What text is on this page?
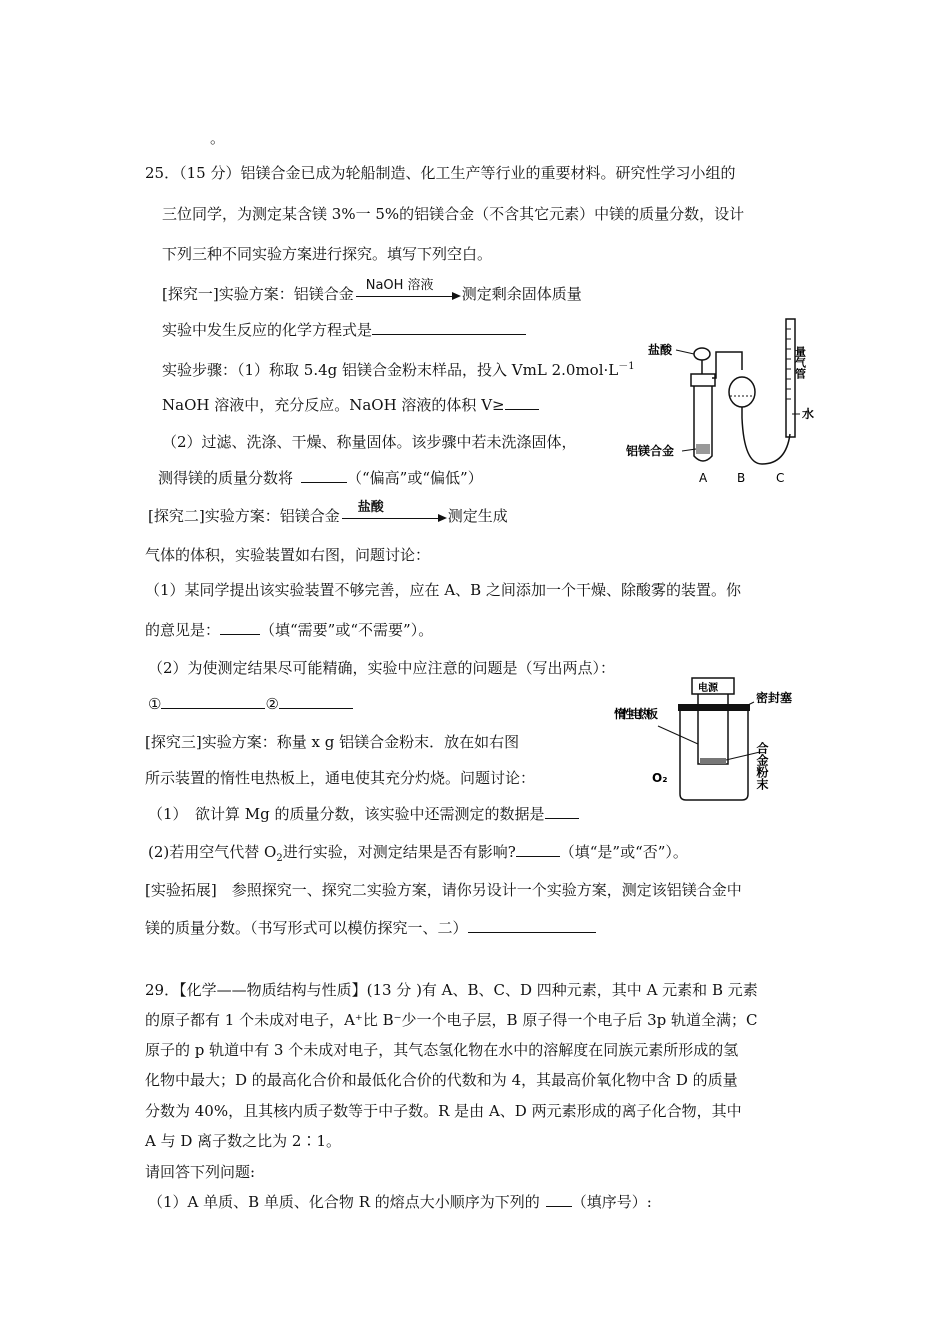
。
25．（15 分）铝镁合金已成为轮船制造、化工生产等行业的重要材料。研究性学习小组的
三位同学，为测定某含镁 3%一 5%的铝镁合金（不含其它元素）中镁的质量分数，设计
下列三种不同实验方案进行探究。填写下列空白。
[探究一]实验方案：铝镁合金 NaOH 溶液 测定剩余固体质量
实验中发生反应的化学方程式是
实验步骤：（1）称取 5.4g 铝镁合金粉末样品，投入 VmL $2.0mol\cdot L^{-1}$
NaOH 溶液中，充分反应。NaOH 溶液的体积 V≥
（2）过滤、洗涤、干燥、称量固体。该步骤中若未洗涤固体，
测得镁的质量分数将	（“偏高”或“偏低”）
[探究二]实验方案：铝镁合金 盐酸	测定生成
气体的体积，实验装置如右图，问题讨论：
（1）某同学提出该实验装置不够完善，应在 A、B 之间添加一个干燥、除酸雾的装置。你
的意见是：	（填“需要”或“不需要”）。
（2）为使测定结果尽可能精确，实验中应注意的问题是（写出两点）：
①	②
[探究三]实验方案：称量 x g 铝镁合金粉末．放在如右图
所示装置的惰性电热板上，通电使其充分灼烧。问题讨论：
（1）　欲计算 Mg 的质量分数，该实验中还需测定的数据是
(2)若用空气代替 $O_2$进行实验，对测定结果是否有影响?	（填“是”或“否”）。
[实验拓展]　参照探究一、探究二实验方案，请你另设计一个实验方案，测定该铝镁合金中
镁的质量分数。（书写形式可以模仿探究一、二）
盐酸	量气管
水
铝镁合金
A B	C
电源
密封塞
惰性电热板
合金粉末
O₂
29．【化学——物质结构与性质】(13 分 )有 A、B、C、D 四种元素，其中 A 元素和 B 元素
的原子都有 1 个未成对电子，A⁺比 B⁻少一个电子层，B 原子得一个电子后 3p 轨道全满；C
原子的 p 轨道中有 3 个未成对电子，其气态氢化物在水中的溶解度在同族元素所形成的氢
化物中最大；D 的最高化合价和最低化合价的代数和为 4，其最高价氧化物中含 D 的质量
分数为 40%，且其核内质子数等于中子数。R 是由 A、D 两元素形成的离子化合物，其中
A 与 D 离子数之比为 2∶1。
请回答下列问题:
（1）A 单质、B 单质、化合物 R 的熔点大小顺序为下列的 （填序号）:
